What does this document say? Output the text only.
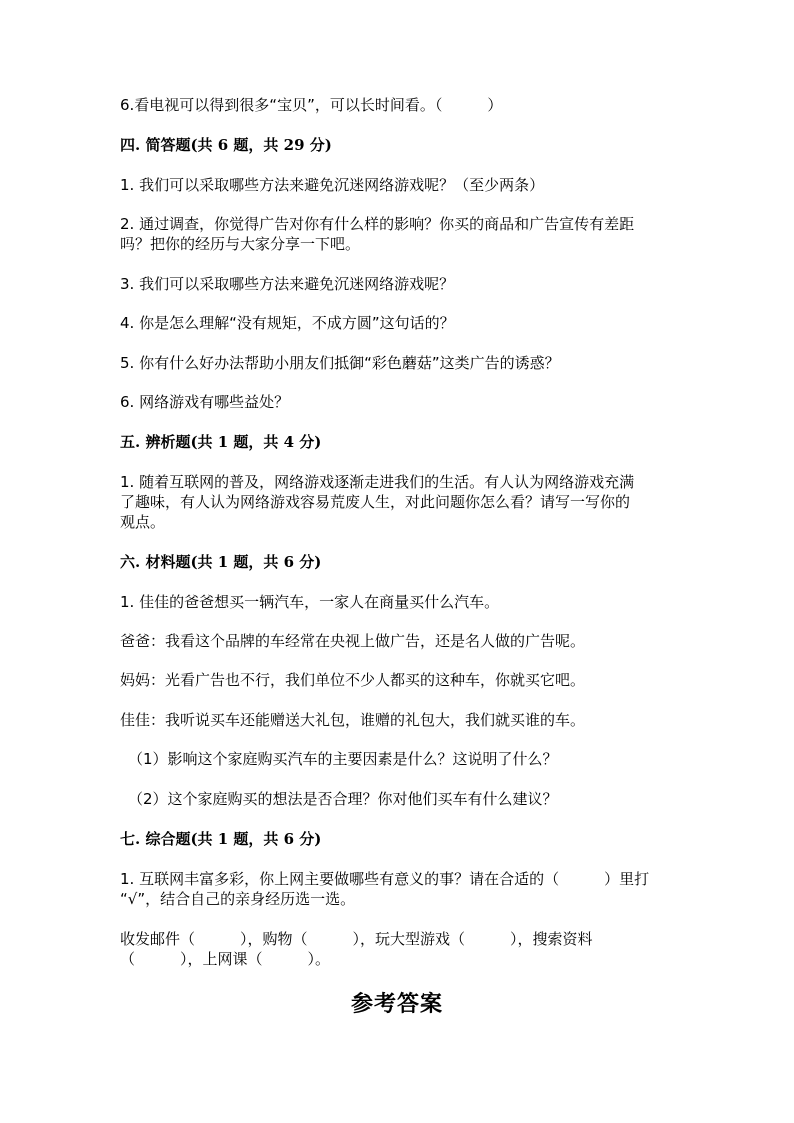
6.看电视可以得到很多“宝贝”，可以长时间看。（　　　）
四. 简答题(共 6 题，共 29 分)
1. 我们可以采取哪些方法来避免沉迷网络游戏呢？（至少两条）
2. 通过调查，你觉得广告对你有什么样的影响？你买的商品和广告宣传有差距
吗？把你的经历与大家分享一下吧。
3. 我们可以采取哪些方法来避免沉迷网络游戏呢？
4. 你是怎么理解“没有规矩，不成方圆”这句话的？
5. 你有什么好办法帮助小朋友们抵御“彩色蘑菇”这类广告的诱惑？
6. 网络游戏有哪些益处？
五. 辨析题(共 1 题，共 4 分)
1. 随着互联网的普及，网络游戏逐渐走进我们的生活。有人认为网络游戏充满
了趣味，有人认为网络游戏容易荒废人生，对此问题你怎么看？请写一写你的
观点。
六. 材料题(共 1 题，共 6 分)
1. 佳佳的爸爸想买一辆汽车，一家人在商量买什么汽车。
爸爸：我看这个品牌的车经常在央视上做广告，还是名人做的广告呢。
妈妈：光看广告也不行，我们单位不少人都买的这种车，你就买它吧。
佳佳：我听说买车还能赠送大礼包，谁赠的礼包大，我们就买谁的车。
（1）影响这个家庭购买汽车的主要因素是什么？这说明了什么？
（2）这个家庭购买的想法是否合理？你对他们买车有什么建议？
七. 综合题(共 1 题，共 6 分)
1. 互联网丰富多彩，你上网主要做哪些有意义的事？请在合适的（　　　）里打
“√”，结合自己的亲身经历选一选。
收发邮件（　　　），购物（　　　），玩大型游戏（　　　），搜索资料
（　　　），上网课（　　　）。
参考答案
